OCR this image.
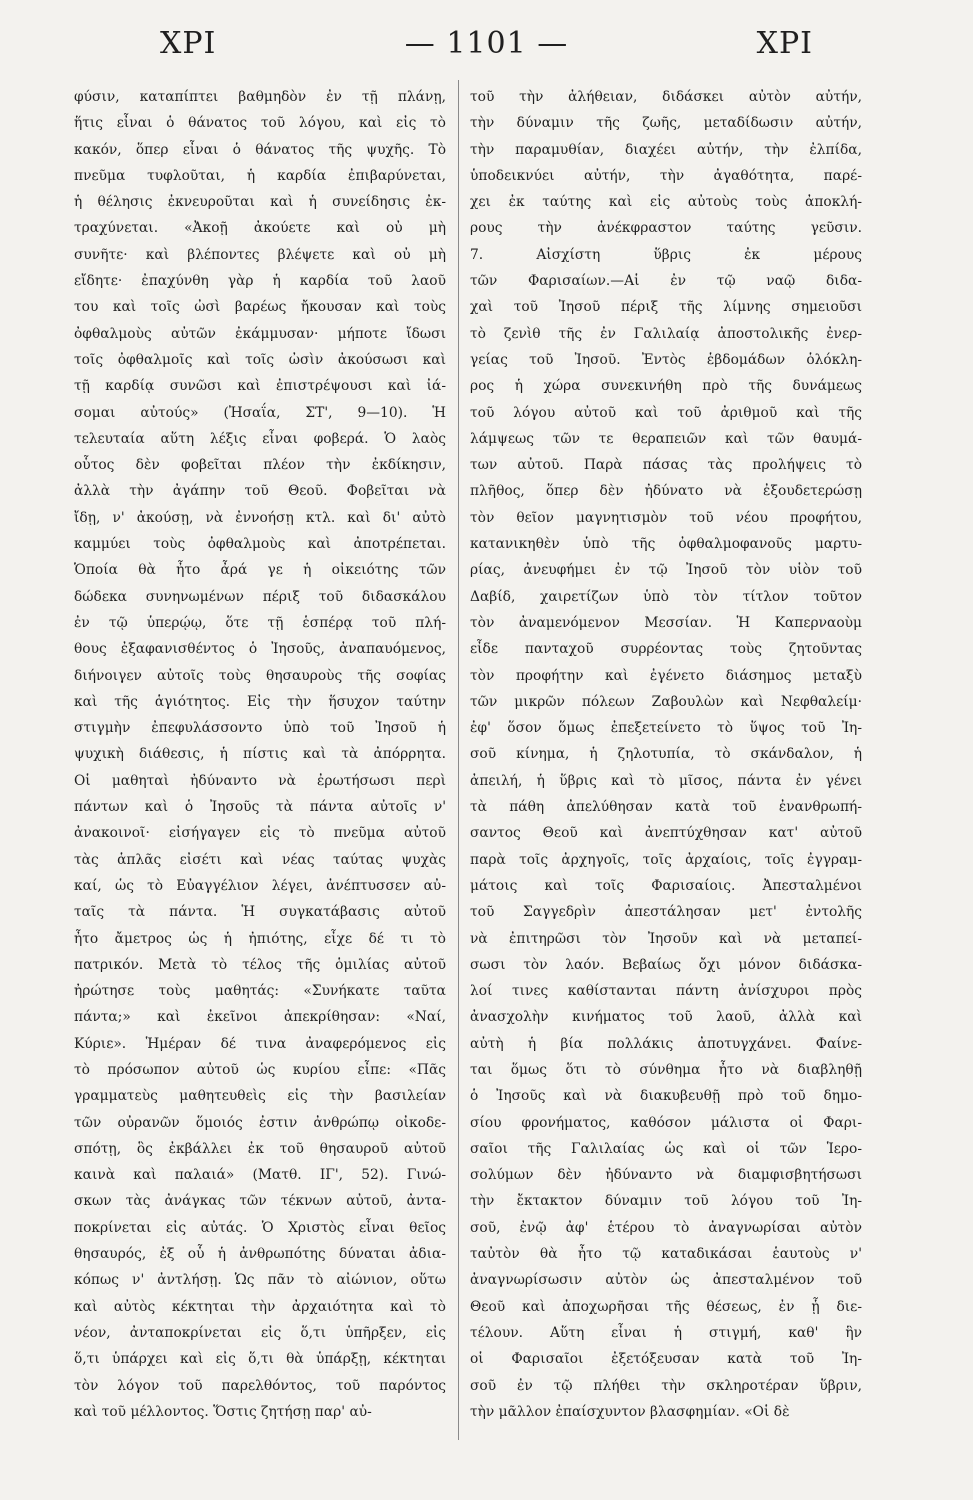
XPI	— 1101 —	XPI
φύσιν, καταπίπτει βαθμηδὸν ἐν τῇ πλάνῃ,
ἥτις εἶναι ὁ θάνατος τοῦ λόγου, καὶ εἰς τὸ
κακόν, ὅπερ εἶναι ὁ θάνατος τῆς ψυχῆς. Τὸ
πνεῦμα τυφλοῦται, ἡ καρδία ἐπιβαρύνεται,
ἡ θέλησις ἐκνευροῦται καὶ ἡ συνείδησις ἐκ-
τραχύνεται. «Ἀκοῇ ἀκούετε καὶ οὐ μὴ
συνῆτε· καὶ βλέποντες βλέψετε καὶ οὐ μὴ
εἴδητε· ἐπαχύνθη γὰρ ἡ καρδία τοῦ λαοῦ
του καὶ τοῖς ὠσὶ βαρέως ἤκουσαν καὶ τοὺς
ὀφθαλμοὺς αὐτῶν ἐκάμμυσαν· μήποτε ἴδωσι
τοῖς ὀφθαλμοῖς καὶ τοῖς ὠσὶν ἀκούσωσι καὶ
τῇ καρδίᾳ συνῶσι καὶ ἐπιστρέψουσι καὶ ἰά-
σομαι αὐτούς» (Ἠσαΐα, ΣΤ', 9—10). Ἡ
τελευταία αὕτη λέξις εἶναι φοβερά. Ὁ λαὸς
οὗτος δὲν φοβεῖται πλέον τὴν ἐκδίκησιν,
ἀλλὰ τὴν ἀγάπην τοῦ Θεοῦ. Φοβεῖται νὰ
ἴδῃ, ν' ἀκούσῃ, νὰ ἐννοήσῃ κτλ. καὶ δι' αὐτὸ
καμμύει τοὺς ὀφθαλμοὺς καὶ ἀποτρέπεται.
Ὁποία θὰ ἦτο ἆρά γε ἡ οἰκειότης τῶν
δώδεκα συνηνωμένων πέριξ τοῦ διδασκάλου
ἐν τῷ ὑπερῴῳ, ὅτε τῇ ἑσπέρᾳ τοῦ πλή-
θους ἐξαφανισθέντος ὁ Ἰησοῦς, ἀναπαυόμενος,
διήνοιγεν αὐτοῖς τοὺς θησαυροὺς τῆς σοφίας
καὶ τῆς ἁγιότητος. Εἰς τὴν ἥσυχον ταύτην
στιγμὴν ἐπεφυλάσσοντο ὑπὸ τοῦ Ἰησοῦ ἡ
ψυχικὴ διάθεσις, ἡ πίστις καὶ τὰ ἀπόρρητα.
Οἱ μαθηταὶ ἠδύναντο νὰ ἐρωτήσωσι περὶ
πάντων καὶ ὁ Ἰησοῦς τὰ πάντα αὐτοῖς ν'
ἀνακοινοῖ· εἰσήγαγεν εἰς τὸ πνεῦμα αὐτοῦ
τὰς ἁπλᾶς εἰσέτι καὶ νέας ταύτας ψυχὰς
καί, ὡς τὸ Εὐαγγέλιον λέγει, ἀνέπτυσσεν αὐ-
ταῖς τὰ πάντα. Ἡ συγκατάβασις αὐτοῦ
ἦτο ἄμετρος ὡς ἡ ἠπιότης, εἶχε δέ τι τὸ
πατρικόν. Μετὰ τὸ τέλος τῆς ὁμιλίας αὐτοῦ
ἠρώτησε τοὺς μαθητάς: «Συνήκατε ταῦτα
πάντα;» καὶ ἐκεῖνοι ἀπεκρίθησαν: «Ναί,
Κύριε». Ἡμέραν δέ τινα ἀναφερόμενος εἰς
τὸ πρόσωπον αὐτοῦ ὡς κυρίου εἶπε: «Πᾶς
γραμματεὺς μαθητευθεὶς εἰς τὴν βασιλείαν
τῶν οὐρανῶν ὅμοιός ἐστιν ἀνθρώπῳ οἰκοδε-
σπότῃ, ὃς ἐκβάλλει ἐκ τοῦ θησαυροῦ αὐτοῦ
καινὰ καὶ παλαιά» (Ματθ. ΙΓ', 52). Γινώ-
σκων τὰς ἀνάγκας τῶν τέκνων αὐτοῦ, ἀντα-
ποκρίνεται εἰς αὐτάς. Ὁ Χριστὸς εἶναι θεῖος
θησαυρός, ἐξ οὗ ἡ ἀνθρωπότης δύναται ἀδια-
κόπως ν' ἀντλήσῃ. Ὡς πᾶν τὸ αἰώνιον, οὕτω
καὶ αὐτὸς κέκτηται τὴν ἀρχαιότητα καὶ τὸ
νέον, ἀνταποκρίνεται εἰς ὅ,τι ὑπῆρξεν, εἰς
ὅ,τι ὑπάρχει καὶ εἰς ὅ,τι θὰ ὑπάρξῃ, κέκτηται
τὸν λόγον τοῦ παρελθόντος, τοῦ παρόντος
καὶ τοῦ μέλλοντος. Ὅστις ζητήσῃ παρ' αὐ-
τοῦ τὴν ἀλήθειαν, διδάσκει αὐτὸν αὐτήν,
τὴν δύναμιν τῆς ζωῆς, μεταδίδωσιν αὐτήν,
τὴν παραμυθίαν, διαχέει αὐτήν, τὴν ἐλπίδα,
ὑποδεικνύει αὐτήν, τὴν ἀγαθότητα, παρέ-
χει ἐκ ταύτης καὶ εἰς αὐτοὺς τοὺς ἀποκλή-
ρους τὴν ἀνέκφραστον ταύτης γεῦσιν.
7. Αἰσχίστη ὕβρις ἐκ μέρους
τῶν Φαρισαίων.—Αἱ ἐν τῷ ναῷ διδα-
χαὶ τοῦ Ἰησοῦ πέριξ τῆς λίμνης σημειοῦσι
τὸ ζενὶθ τῆς ἐν Γαλιλαίᾳ ἀποστολικῆς ἐνερ-
γείας τοῦ Ἰησοῦ. Ἐντὸς ἑβδομάδων ὁλόκλη-
ρος ἡ χώρα συνεκινήθη πρὸ τῆς δυνάμεως
τοῦ λόγου αὐτοῦ καὶ τοῦ ἀριθμοῦ καὶ τῆς
λάμψεως τῶν τε θεραπειῶν καὶ τῶν θαυμά-
των αὐτοῦ. Παρὰ πάσας τὰς προλήψεις τὸ
πλῆθος, ὅπερ δὲν ἠδύνατο νὰ ἐξουδετερώσῃ
τὸν θεῖον μαγνητισμὸν τοῦ νέου προφήτου,
κατανικηθὲν ὑπὸ τῆς ὀφθαλμοφανοῦς μαρτυ-
ρίας, ἀνευφήμει ἐν τῷ Ἰησοῦ τὸν υἱὸν τοῦ
Δαβίδ, χαιρετίζων ὑπὸ τὸν τίτλον τοῦτον
τὸν ἀναμενόμενον Μεσσίαν. Ἡ Καπερναοὺμ
εἶδε πανταχοῦ συρρέοντας τοὺς ζητοῦντας
τὸν προφήτην καὶ ἐγένετο διάσημος μεταξὺ
τῶν μικρῶν πόλεων Ζαβουλὼν καὶ Νεφθαλείμ·
ἐφ' ὅσον ὅμως ἐπεξετείνετο τὸ ὕψος τοῦ Ἰη-
σοῦ κίνημα, ἡ ζηλοτυπία, τὸ σκάνδαλον, ἡ
ἀπειλή, ἡ ὕβρις καὶ τὸ μῖσος, πάντα ἐν γένει
τὰ πάθη ἀπελύθησαν κατὰ τοῦ ἐνανθρωπή-
σαντος Θεοῦ καὶ ἀνεπτύχθησαν κατ' αὐτοῦ
παρὰ τοῖς ἀρχηγοῖς, τοῖς ἀρχαίοις, τοῖς ἐγγραμ-
μάτοις καὶ τοῖς Φαρισαίοις. Ἀπεσταλμένοι
τοῦ Σαγγεδρὶν ἀπεστάλησαν μετ' ἐντολῆς
νὰ ἐπιτηρῶσι τὸν Ἰησοῦν καὶ νὰ μεταπεί-
σωσι τὸν λαόν. Βεβαίως ὄχι μόνον διδάσκα-
λοί τινες καθίστανται πάντη ἀνίσχυροι πρὸς
ἀνασχολὴν κινήματος τοῦ λαοῦ, ἀλλὰ καὶ
αὐτὴ ἡ βία πολλάκις ἀποτυγχάνει. Φαίνε-
ται ὅμως ὅτι τὸ σύνθημα ἦτο νὰ διαβληθῇ
ὁ Ἰησοῦς καὶ νὰ διακυβευθῇ πρὸ τοῦ δημο-
σίου φρονήματος, καθόσον μάλιστα οἱ Φαρι-
σαῖοι τῆς Γαλιλαίας ὡς καὶ οἱ τῶν Ἱερο-
σολύμων δὲν ἠδύναντο νὰ διαμφισβητήσωσι
τὴν ἔκτακτον δύναμιν τοῦ λόγου τοῦ Ἰη-
σοῦ, ἐνῷ ἀφ' ἑτέρου τὸ ἀναγνωρίσαι αὐτὸν
ταὐτὸν θὰ ἦτο τῷ καταδικάσαι ἑαυτοὺς ν'
ἀναγνωρίσωσιν αὐτὸν ὡς ἀπεσταλμένον τοῦ
Θεοῦ καὶ ἀποχωρῆσαι τῆς θέσεως, ἐν ᾗ διε-
τέλουν. Αὕτη εἶναι ἡ στιγμή, καθ' ἣν
οἱ Φαρισαῖοι ἐξετόξευσαν κατὰ τοῦ Ἰη-
σοῦ ἐν τῷ πλήθει τὴν σκληροτέραν ὕβριν,
τὴν μᾶλλον ἐπαίσχυντον βλασφημίαν. «Οἱ δὲ
